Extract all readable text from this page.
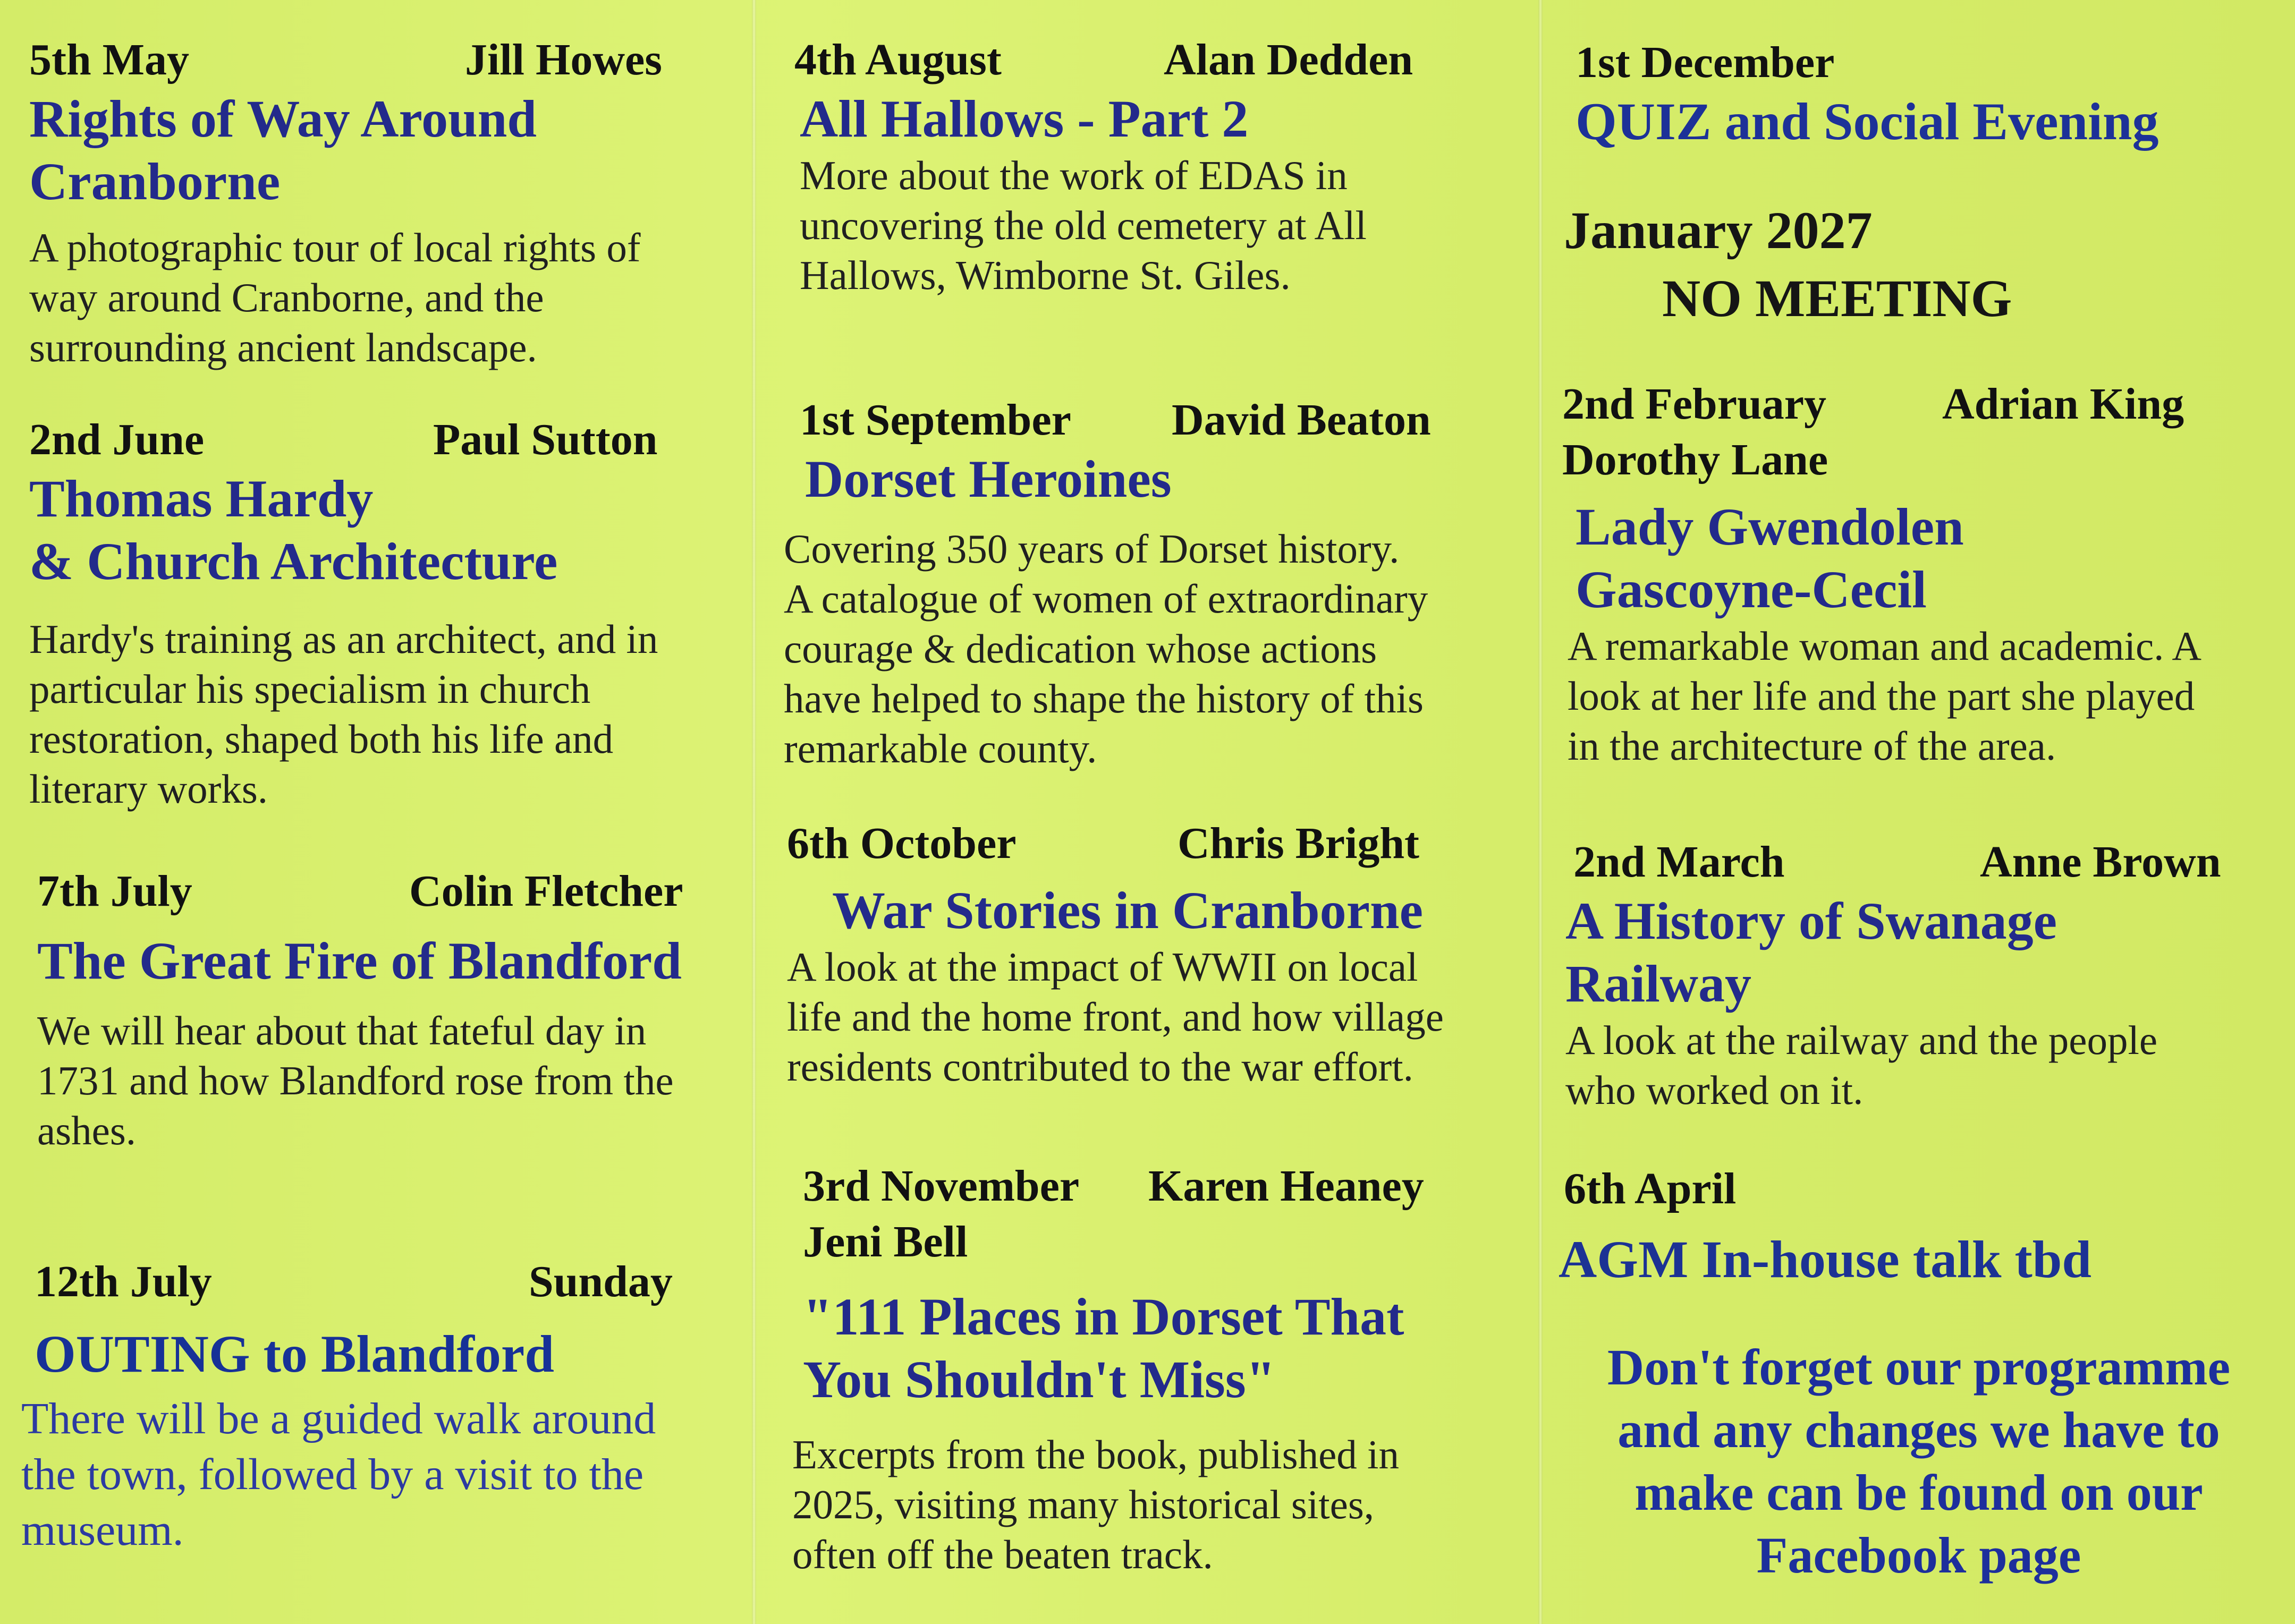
5th May	Jill Howes
Rights of Way Around
Cranborne
A photographic tour of local rights of
way around Cranborne, and the
surrounding ancient landscape.
2nd June	Paul Sutton
Thomas Hardy
& Church Architecture
Hardy's training as an architect, and in
particular his specialism in church
restoration, shaped both his life and
literary works.
7th July	Colin Fletcher
The Great Fire of Blandford
We will hear about that fateful day in
1731 and how Blandford rose from the
ashes.
12th July	Sunday
OUTING to Blandford
There will be a guided walk around
the town, followed by a visit to the
museum.
4th August	Alan Dedden
All Hallows - Part 2
More about the work of EDAS in
uncovering the old cemetery at All
Hallows, Wimborne St. Giles.
1st September David Beaton
Dorset Heroines
Covering 350 years of Dorset history.
A catalogue of women of extraordinary
courage & dedication whose actions
have helped to shape the history of this
remarkable county.
6th October	Chris Bright
War Stories in Cranborne
A look at the impact of WWII on local
life and the home front, and how village
residents contributed to the war effort.
3rd November Karen Heaney
Jeni Bell
"111 Places in Dorset That
You Shouldn't Miss"
Excerpts from the book, published in
2025, visiting many historical sites,
often off the beaten track.
1st December
QUIZ and Social Evening
January 2027
NO MEETING
2nd February	Adrian King
Dorothy Lane
Lady Gwendolen
Gascoyne-Cecil
A remarkable woman and academic. A
look at her life and the part she played
in the architecture of the area.
2nd March	Anne Brown
A History of Swanage
Railway
A look at the railway and the people
who worked on it.
6th April
AGM In-house talk tbd
Don't forget our programme
and any changes we have to
make can be found on our
Facebook page
